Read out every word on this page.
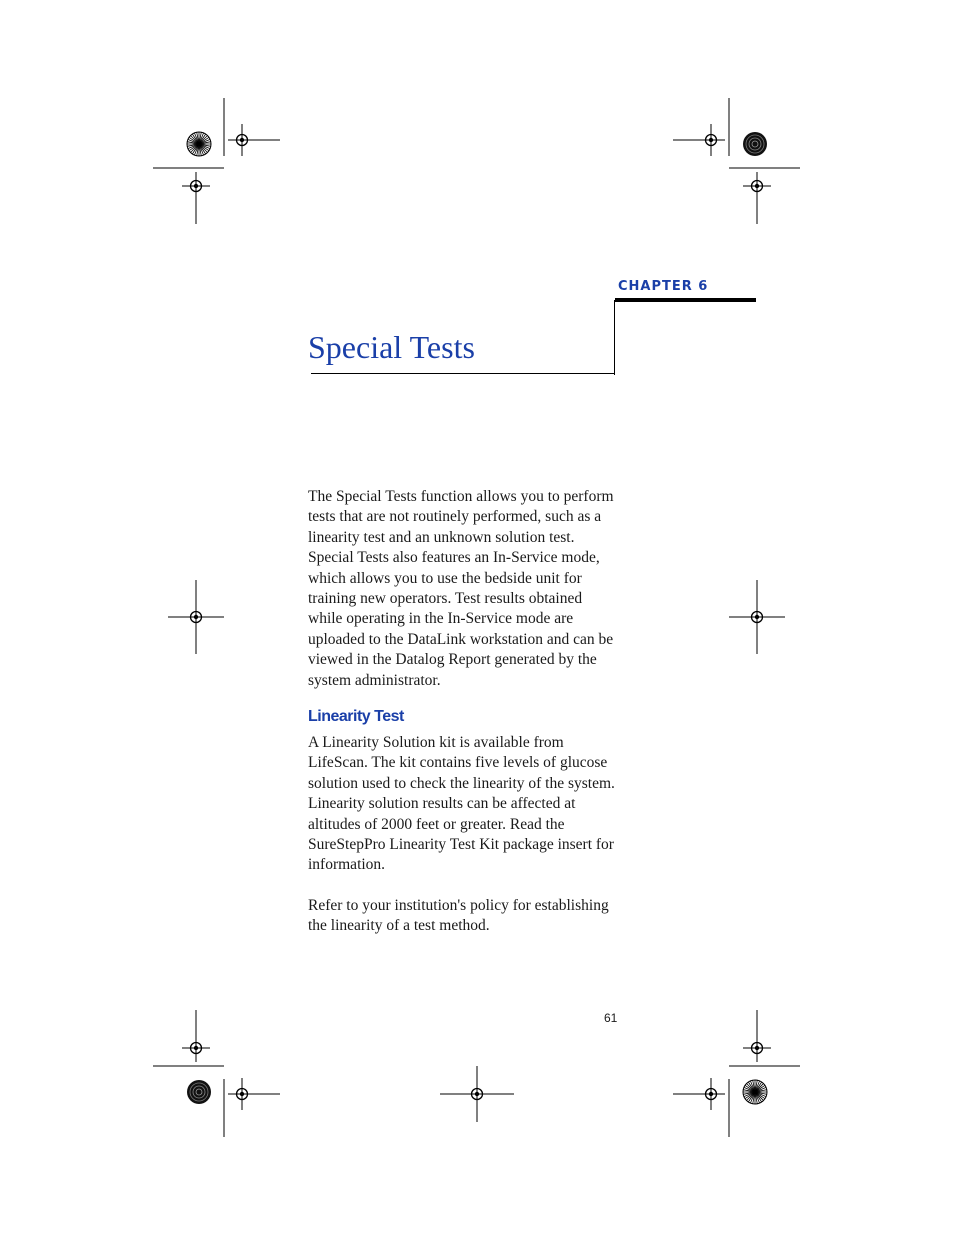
CHAPTER 6
Special Tests

The Special Tests function allows you to perform tests that are not routinely performed, such as a linearity test and an unknown solution test. Special Tests also features an In-Service mode, which allows you to use the bedside unit for training new operators. Test results obtained while operating in the In-Service mode are uploaded to the DataLink workstation and can be viewed in the Datalog Report generated by the system administrator.

Linearity Test

A Linearity Solution kit is available from LifeScan. The kit contains five levels of glucose solution used to check the linearity of the system. Linearity solution results can be affected at altitudes of 2000 feet or greater. Read the SureStepPro Linearity Test Kit package insert for information.

Refer to your institution's policy for establishing the linearity of a test method.

61
